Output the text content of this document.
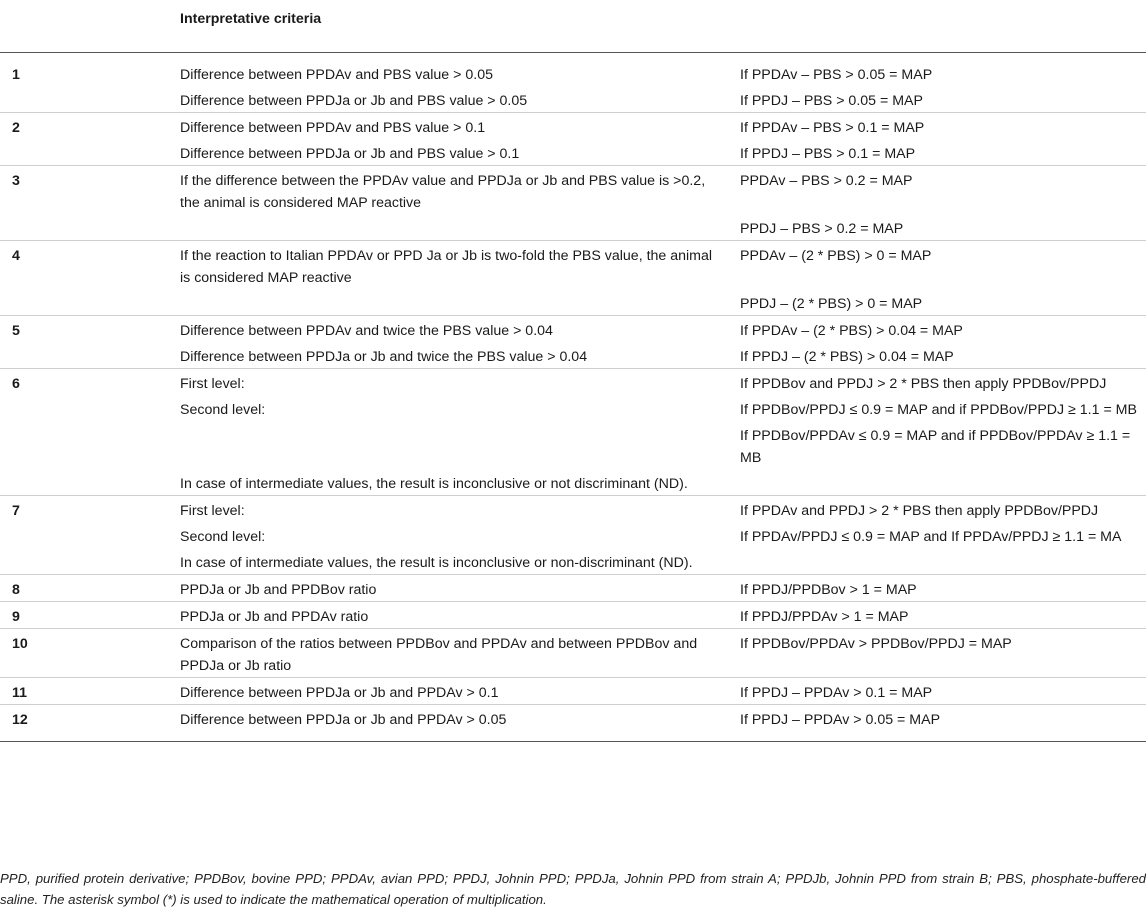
	Interpretative criteria	
1	Difference between PPDAv and PBS value > 0.05	If PPDAv – PBS > 0.05 = MAP
	Difference between PPDJa or Jb and PBS value > 0.05	If PPDJ – PBS > 0.05 = MAP
2	Difference between PPDAv and PBS value > 0.1	If PPDAv – PBS > 0.1 = MAP
	Difference between PPDJa or Jb and PBS value > 0.1	If PPDJ – PBS > 0.1 = MAP
3	If the difference between the PPDAv value and PPDJa or Jb and PBS value is >0.2, the animal is considered MAP reactive	PPDAv – PBS > 0.2 = MAP
		PPDJ – PBS > 0.2 = MAP
4	If the reaction to Italian PPDAv or PPD Ja or Jb is two-fold the PBS value, the animal is considered MAP reactive	PPDAv – (2 * PBS) > 0 = MAP
		PPDJ – (2 * PBS) > 0 = MAP
5	Difference between PPDAv and twice the PBS value > 0.04	If PPDAv – (2 * PBS) > 0.04 = MAP
	Difference between PPDJa or Jb and twice the PBS value > 0.04	If PPDJ – (2 * PBS) > 0.04 = MAP
6	First level:	If PPDBov and PPDJ > 2 * PBS then apply PPDBov/PPDJ
	Second level:	If PPDBov/PPDJ ≤ 0.9 = MAP and if PPDBov/PPDJ ≥ 1.1 = MB
		If PPDBov/PPDAv ≤ 0.9 = MAP and if PPDBov/PPDAv ≥ 1.1 = MB
	In case of intermediate values, the result is inconclusive or not discriminant (ND).	
7	First level:	If PPDAv and PPDJ > 2 * PBS then apply PPDBov/PPDJ
	Second level:	If PPDAv/PPDJ ≤ 0.9 = MAP and If PPDAv/PPDJ ≥ 1.1 = MA
	In case of intermediate values, the result is inconclusive or non-discriminant (ND).	
8	PPDJa or Jb and PPDBov ratio	If PPDJ/PPDBov > 1 = MAP
9	PPDJa or Jb and PPDAv ratio	If PPDJ/PPDAv > 1 = MAP
10	Comparison of the ratios between PPDBov and PPDAv and between PPDBov and PPDJa or Jb ratio	If PPDBov/PPDAv > PPDBov/PPDJ = MAP
11	Difference between PPDJa or Jb and PPDAv > 0.1	If PPDJ – PPDAv > 0.1 = MAP
12	Difference between PPDJa or Jb and PPDAv > 0.05	If PPDJ – PPDAv > 0.05 = MAP

PPD, purified protein derivative; PPDBov, bovine PPD; PPDAv, avian PPD; PPDJ, Johnin PPD; PPDJa, Johnin PPD from strain A; PPDJb, Johnin PPD from strain B; PBS, phosphate-buffered saline. The asterisk symbol (*) is used to indicate the mathematical operation of multiplication.
